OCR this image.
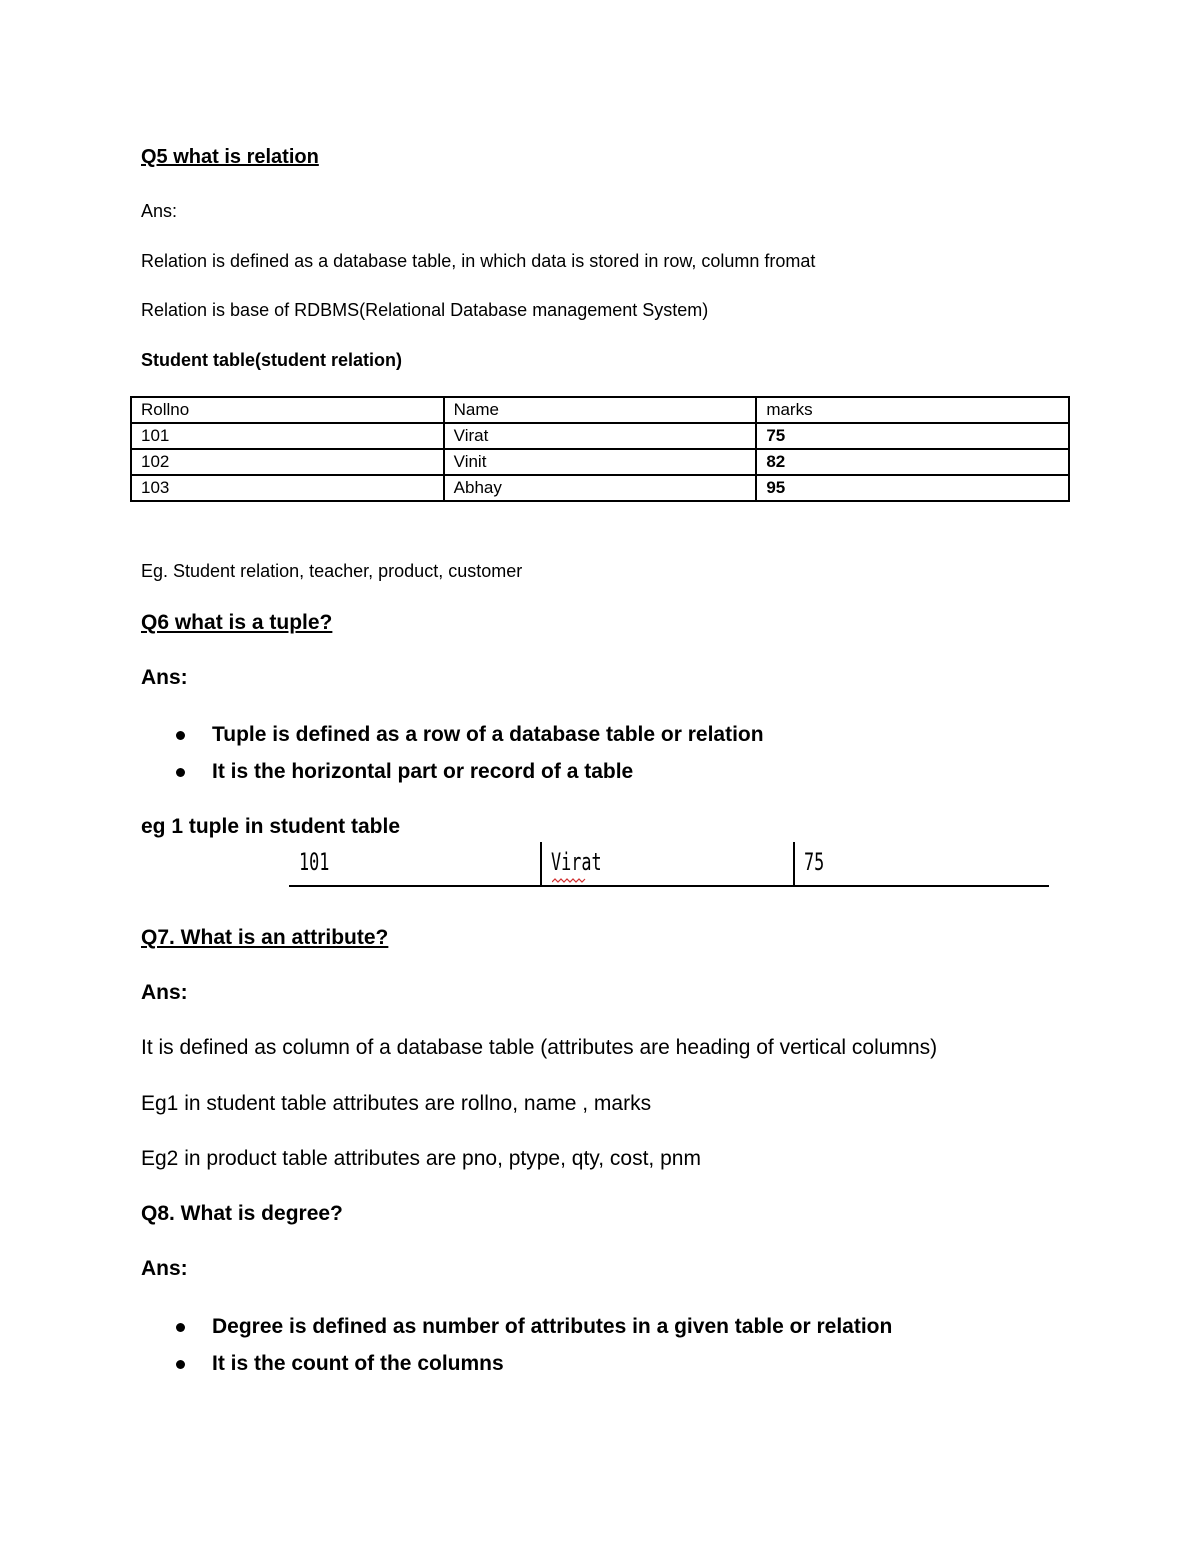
Q5 what is relation
Ans:
Relation is defined as a database table, in which data is stored in row, column fromat
Relation is base of RDBMS(Relational Database management System)
Student table(student relation)
Rollno	Name	marks
101	Virat	75
102	Vinit	82
103	Abhay	95
Eg. Student relation, teacher, product, customer
Q6 what is a tuple?
Ans:
Tuple is defined as a row of a database table or relation
It is the horizontal part or record of a table
eg 1 tuple in student table
101	Virat	75
Q7. What is an attribute?
Ans:
It is defined as column of a database table (attributes are heading of vertical columns)
Eg1 in student table attributes are rollno, name , marks
Eg2 in product table attributes are pno, ptype, qty, cost, pnm
Q8. What is degree?
Ans:
Degree is defined as number of attributes in a given table or relation
It is the count of the columns
